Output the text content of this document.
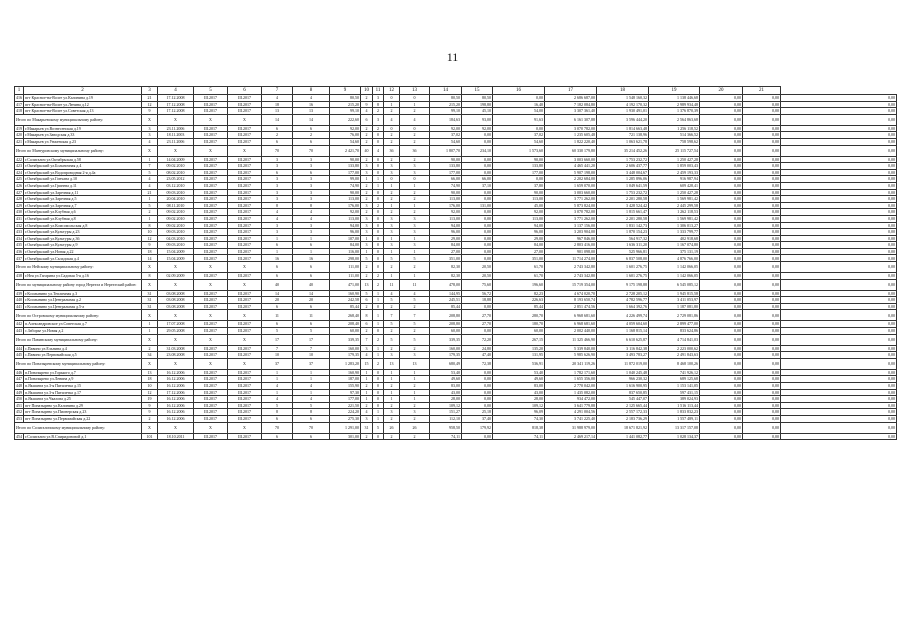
11
1	2	3	4	5	6	7	8	9	10	11	12	13	14	15	16	17	18	19	20	21	
416	пгт Красное-на-Волге ул.Калинина д.19	21	17.12.2008	III.2017	III.2017	4	4	80,50	2	3	0	0	80,50	80,50	0,00	2 686 687,00	1 548 160,32	1 138 446,68	0,00	0,00	0,00
417	пгт Красное-на-Волге ул.Ленина д.12	12	17.12.2008	III.2017	III.2017	18	16	215,20	9	8	1	1	215,20	198,80	16,40	7 182 084,80	4 192 170,32	2 989 934,48	0,00	0,00	0,00
418	пгт Красное-на-Волге ул.Советская д.13	9	17.12.2008	III.2017	III.2017	13	13	99,10	4	2	2	2	99,10	45,10	54,00	3 307 361,40	1 930 491,01	1 376 870,39	0,00	0,00	0,00
Итого по Макарьевскому муниципальному району:		X	X	X	X	14	14	222,60	6	3	4	4	184,63	93,00	91,63	6 161 307,88	3 596 444,20	2 564 863,68	0,00	0,00	0,00
419	г.Макарьев ул.Вознесенская д.19	3	23.11.2006	III.2017	III.2017	6	6	92,00	2	2	0	0	92,00	92,00	0,00	3 070 782,00	1 814 663,48	1 256 118,52	0,00	0,00	0,00
420	г.Макарьев ул.Заводская д.33	3	18.11.2003	III.2017	III.2017	2	2	76,00	2	0	2	2	37,02	0,00	37,02	1 235 605,48	721 138,96	514 366,52	0,00	0,00	0,00
421	г.Макарьев ул.Унженская д.23	4	23.11.2006	III.2017	III.2017	6	6	54,60	2	0	2	2	54,60	0,00	54,60	1 822 220,40	1 063 621,78	758 598,62	0,00	0,00	0,00
Итого по Мантуровскому муниципальному району:		X	X	X	X	70	70	2 421,70	40	4	36	36	1 807,70	234,10	1 573,60	60 330 179,80	35 214 452,26	25 115 727,54	0,00	0,00	0,00
422	г.Солигалич ул.Октябрьская д.58	1	14.04.2009	III.2017	III.2017	3	3	90,00	2	0	2	2	90,00	0,00	90,00	3 003 660,00	1 753 232,72	1 250 427,28	0,00	0,00	0,00
423	г.Октябрьский ул.Больничная д.4	7	09.02.2010	III.2017	III.2017	3	3	133,80	3	0	3	3	133,80	0,00	133,80	4 465 441,20	2 606 437,77	1 859 003,43	0,00	0,00	0,00
424	г.Октябрьский ул.Водопроводная 2-я д.4а	5	08.02.2010	III.2017	III.2017	6	6	177,00	3	0	3	3	177,00	0,00	177,00	5 907 198,00	3 448 004,67	2 459 193,33	0,00	0,00	0,00
425	г.Октябрьский ул.Гончана д.10	4	23.05.2012	III.2017	III.2017	3	3	99,00	1	1	0	0	66,00	66,00	0,00	2 202 684,00	1 285 896,06	916 987,94	0,00	0,00	0,00
426	г.Октябрьский ул.Гринева д.11	4	03.12.2010	III.2017	III.2017	3	3	74,90	2	1	1	1	74,90	37,10	37,80	1 659 070,00	1 049 641,59	609 428,41	0,00	0,00	0,00
427	г.Октябрьский ул.Заречная д.11	21	09.03.2010	III.2017	III.2017	3	3	90,00	2	0	2	2	90,00	0,00	90,00	3 003 660,00	1 753 232,72	1 250 427,28	0,00	0,00	0,00
428	г.Октябрьский ул.Заречная д.5	1	20.04.2010	III.2017	III.2017	3	3	113,00	2	0	2	2	113,00	0,00	113,00	3 771 262,00	2 201 280,58	1 569 981,42	0,00	0,00	0,00
429	г.Октябрьский ул.Заречная д.7	5	08.11.2010	III.2017	III.2017	8	8	176,00	3	2	1	1	176,00	131,00	45,00	5 873 824,00	3 428 524,42	2 445 299,58	0,00	0,00	0,00
430	г.Октябрьский ул.Клубная д.6	2	09.02.2010	III.2017	III.2017	4	4	92,00	2	0	2	2	92,00	0,00	92,00	3 070 782,00	1 815 661,47	1 262 118,53	0,00	0,00	0,00
431	г.Октябрьский ул.Клубная д.8	1	09.02.2010	III.2017	III.2017	4	4	113,00	3	0	3	3	113,00	0,00	113,00	3 771 262,00	2 201 280,58	1 569 981,42	0,00	0,00	0,00
432	г.Октябрьский ул.Комсомольская д.8	8	09.02.2010	III.2017	III.2017	3	3	94,00	3	0	3	3	94,00	0,00	94,00	3 137 156,00	1 831 142,73	1 306 013,27	0,00	0,00	0,00
433	г.Октябрьский ул.Культуры д.23	10	09.03.2010	III.2017	III.2017	3	3	96,00	3	0	3	3	96,00	0,00	96,00	3 203 904,00	1 870 154,23	1 333 799,77	0,00	0,00	0,00
434	г.Октябрьский ул.Культуры д.36	12	04.03.2010	III.2017	III.2017	1	1	107,00	1	0	1	1	29,00	0,00	29,00	967 846,00	564 917,32	402 918,68	0,00	0,00	0,00
435	г.Октябрьский ул.Культуры д.9	9	09.03.2010	III.2017	III.2017	6	6	84,00	3	0	3	3	84,00	0,00	84,00	2 803 416,00	1 636 311,20	1 167 074,80	0,00	0,00	0,00
436	г.Октябрьский ул.Новая д.22	18	15.04.2009	III.2017	III.2017	1	1	116,00	1	0	1	1	27,00	0,00	27,00	901 098,00	525 966,81	375 131,19	0,00	0,00	0,00
437	г.Октябрьский ул.Складская д.4	14	15.04.2009	III.2017	III.2017	16	16	298,00	5	0	5	5	351,00	0,00	351,00	11 714 274,00	6 837 508,00	4 876 766,00	0,00	0,00	0,00
Итого по Нейскому муниципальному району:		X	X	X	X	6	6	111,00	2	0	2	2	82,30	20,50	61,70	2 743 342,80	1 601 276,75	1 142 066,05	0,00	0,00	0,00
438	г.Нея ул.Гагарина ул.Садовая 5-я д.16	8	02.09.2009	III.2017	III.2017	6	6	111,00	2	2	1	1	82,30	20,50	61,70	2 743 342,80	1 601 276,75	1 142 066,05	0,00	0,00	0,00
Итого по муниципальному району город Нерехта и Нерехтский район:		X	X	X	X	40	40	471,00	13	2	11	11	478,00	75,60	196,60	15 719 354,00	9 175 198,88	6 545 085,12	0,00	0,00	0,00
439	г.Космынино ул.Тепличная д.3	31	03.08.2008	III.2017	III.2017	14	14	160,90	5	1	4	4	144,95	56,72	82,23	4 674 020,70	2 728 205,12	1 945 815,58	0,00	0,00	0,00
440	г.Космынино ул.Центральная д.2	31	03.08.2008	III.2017	III.2017	20	20	242,58	6	1	5	5	245,51	18,88	226,63	8 193 650,74	4 782 596,77	3 411 053,97	0,00	0,00	0,00
441	г.Космынино ул.Центральная д.5-а	31	03.08.2008	III.2017	III.2017	6	6	85,44	2	0	2	2	85,44	0,00	85,44	2 851 474,56	1 664 392,76	1 187 081,80	0,00	0,00	0,00
Итого по Островскому муниципальному району:		X	X	X	X	11	11	268,40	8	1	7	7	208,80	27,70	280,70	6 968 681,60	4 226 499,74	2 729 081,86	0,00	0,00	0,00
442	п.Александровское ул.Советская д.7	1	17.07.2008	III.2017	III.2017	6	6	208,40	6	1	5	5	208,80	27,70	180,70	6 968 681,60	4 059 604,60	2 899 477,00	0,00	0,00	0,00
443	с.Заборье ул.Новая д.2	1	29.05.2008	III.2017	III.2017	5	5	60,00	2	0	2	2	60,00	0,00	60,00	2 002 440,00	1 168 815,14	833 624,86	0,00	0,00	0,00
Итого по Павинскому муниципальному району:		X	X	X	X	17	17	339,35	7	2	5	5	339,35	72,20	267,15	11 325 466,90	6 610 625,87	4 714 841,03	0,00	0,00	0,00
444	с.Павино ул.Ельнина д.4	2	31.03.2008	III.2017	III.2017	7	7	160,00	3	1	2	2	160,00	24,80	135,20	5 339 840,00	3 116 842,38	2 223 000,62	0,00	0,00	0,00
445	с.Павино ул.Первомайская д.5	34	23.08.2008	III.2017	III.2017	10	10	179,35	4	1	3	3	179,35	47,40	131,95	5 985 626,90	3 493 783,27	2 491 843,63	0,00	0,00	0,00
Итого по Поназыревскому муниципальному району:		X	X	X	X	37	37	1 283,20	15	2	13	13	680,49	72,38	536,91	20 341 119,26	11 872 019,00	8 468 100,26	0,00	0,00	0,00
446	п.Поназырево ул.Горького д.7	13	16.12.2006	III.2017	III.2017	1	1	160,90	1	0	1	1	53,40	0,00	53,40	1 782 171,60	1 040 245,48	741 926,12	0,00	0,00	0,00
447	п.Поназырево ул.Ленина д.9	18	16.12.2006	III.2017	III.2017	1	1	187,00	1	0	1	1	49,60	0,00	49,60	1 655 356,00	966 230,32	689 125,68	0,00	0,00	0,00
448	п.Якшанга ул.3-я Пятилетка д.15	10	16.12.2006	III.2017	III.2017	4	4	155,90	2	0	2	2	83,00	0,00	83,00	2 770 042,00	1 616 900,95	1 153 141,05	0,00	0,00	0,00
449	п.Якшанга ул.3-я Пятилетка д.17	12	17.12.2006	III.2017	III.2017	1	1	97,30	1	0	1	1	43,00	0,00	43,00	1 435 082,00	837 650,85	597 431,15	0,00	0,00	0,00
450	п.Якшанга ул.Чкалова д.25	19	16.12.2006	III.2017	III.2017	4	4	177,00	1	0	1	1	28,00	0,00	28,00	934 472,00	545 447,07	389 024,93	0,00	0,00	0,00
451	пгт Поназырево ул.Калинина д.29	9	16.12.2006	III.2017	III.2017	5	5	221,50	2	0	2	2	109,12	0,00	109,12	3 641 779,88	2 125 665,44	1 516 113,44	0,00	0,00	0,00
452	пгт Поназырево ул.Пионерская д.23	9	16.12.2006	III.2017	III.2017	8	8	224,20	4	1	3	3	151,27	25,18	96,09	4 291 004,56	2 557 172,33	1 833 832,23	0,00	0,00	0,00
453	пгт Поназырево ул.Первомайская д.22	2	16.12.2006	III.2017	III.2017	6	6	275,30	3	1	2	2	112,10	37,40	74,30	3 741 225,40	2 183 736,29	1 557 489,11	0,00	0,00	0,00
Итого по Солигаличскому муниципальному району:		X	X	X	X	70	70	1 291,00	31	5	26	26	958,50	179,92	818,38	31 988 979,00	18 671 821,92	13 317 157,08	0,00	0,00	0,00
454	г.Солигалич ул.В.Спиридоновой д.1	101	18.10.2011	III.2017	III.2017	6	6	301,00	2	0	2	2	74,11	0,00	74,11	2 469 217,14	1 441 082,77	1 028 134,37	0,00	0,00	0,00
